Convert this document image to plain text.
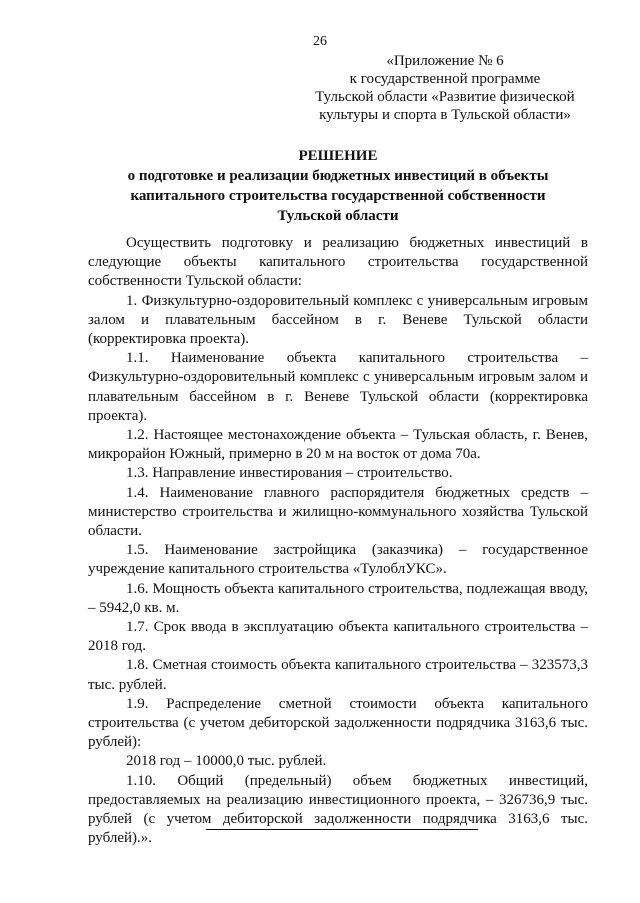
26
«Приложение № 6
к государственной программе
Тульской области «Развитие физической
культуры и спорта в Тульской области»
РЕШЕНИЕ
о подготовке и реализации бюджетных инвестиций в объекты
капитального строительства государственной собственности
Тульской области

Осуществить подготовку и реализацию бюджетных инвестиций в следующие объекты капитального строительства государственной собственности Тульской области:

1. Физкультурно-оздоровительный комплекс с универсальным игровым залом и плавательным бассейном в г. Веневе Тульской области (корректировка проекта).

1.1. Наименование объекта капитального строительства – Физкультурно-оздоровительный комплекс с универсальным игровым залом и плавательным бассейном в г. Веневе Тульской области (корректировка проекта).

1.2. Настоящее местонахождение объекта – Тульская область, г. Венев, микрорайон Южный, примерно в 20 м на восток от дома 70а.

1.3. Направление инвестирования – строительство.

1.4. Наименование главного распорядителя бюджетных средств – министерство строительства и жилищно-коммунального хозяйства Тульской области.

1.5. Наименование застройщика (заказчика) – государственное учреждение капитального строительства «ТулоблУКС».

1.6. Мощность объекта капитального строительства, подлежащая вводу, – 5942,0 кв. м.

1.7. Срок ввода в эксплуатацию объекта капитального строительства – 2018 год.

1.8. Сметная стоимость объекта капитального строительства – 323573,3 тыс. рублей.

1.9. Распределение сметной стоимости объекта капитального строительства (с учетом дебиторской задолженности подрядчика 3163,6 тыс. рублей):

2018 год – 10000,0 тыс. рублей.

1.10. Общий (предельный) объем бюджетных инвестиций, предоставляемых на реализацию инвестиционного проекта, – 326736,9 тыс. рублей (с учетом дебиторской задолженности подрядчика 3163,6 тыс. рублей).».
